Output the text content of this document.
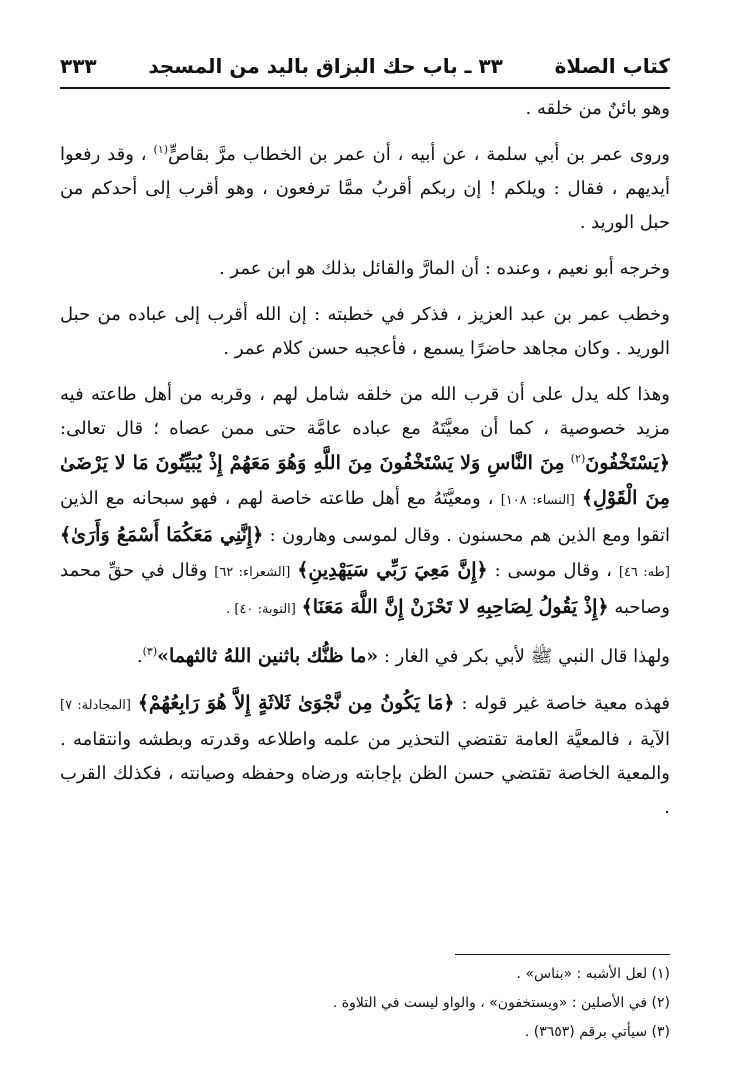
كتاب الصلاة
٣٣ ـ باب حك البزاق باليد من المسجد
٣٣٣

وهو بائنٌ من خلقه .

وروى عمر بن أبي سلمة ، عن أبيه ، أن عمر بن الخطاب مرَّ بقاصٍّ$^{(١)}$ ، وقد رفعوا أيديهم ، فقال : ويلكم ! إن ربكم أقربُ ممَّا ترفعون ، وهو أقرب إلى أحدكم من حبل الوريد .

وخرجه أبو نعيم ، وعنده : أن المارَّ والقائل بذلك هو ابن عمر .

وخطب عمر بن عبد العزيز ، فذكر في خطبته : إن الله أقرب إلى عباده من حبل الوريد . وكان مجاهد حاضرًا يسمع ، فأعجبه حسن كلام عمر .

وهذا كله يدل على أن قرب الله من خلقه شامل لهم ، وقربه من أهل طاعته فيه مزيد خصوصية ، كما أن معيَّتَهُ مع عباده عامَّة حتى ممن عصاه ؛ قال تعالى: ﴿يَسْتَخْفُونَ$^{(٢)}$ مِنَ النَّاسِ وَلا يَسْتَخْفُونَ مِنَ اللَّهِ وَهُوَ مَعَهُمْ إِذْ يُبَيِّتُونَ مَا لا يَرْضَىٰ مِنَ الْقَوْلِ﴾ [النساء: ١٠٨] ، ومعيَّتَهُ مع أهل طاعته خاصة لهم ، فهو سبحانه مع الذين اتقوا ومع الذين هم محسنون . وقال لموسى وهارون : ﴿إِنَّنِي مَعَكُمَا أَسْمَعُ وَأَرَىٰ﴾ [طه: ٤٦] ، وقال موسى : ﴿إِنَّ مَعِيَ رَبِّي سَيَهْدِينِ﴾ [الشعراء: ٦٢] وقال في حقِّ محمد وصاحبه ﴿إِذْ يَقُولُ لِصَاحِبِهِ لا تَحْزَنْ إِنَّ اللَّهَ مَعَنَا﴾ [التوبة: ٤٠] .

ولهذا قال النبي ﷺ لأبي بكر في الغار : «ما ظنُّك باثنين اللهُ ثالثهما»$^{(٣)}$.

فهذه معية خاصة غير قوله : ﴿مَا يَكُونُ مِن نَّجْوَىٰ ثَلاثَةٍ إِلاَّ هُوَ رَابِعُهُمْ﴾ [المجادلة: ٧] الآية ، فالمعيَّة العامة تقتضي التحذير من علمه واطلاعه وقدرته وبطشه وانتقامه . والمعية الخاصة تقتضي حسن الظن بإجابته ورضاه وحفظه وصيانته ، فكذلك القرب .

(١) لعل الأشبه : «بناس» .
(٢) في الأصلين : «ويستخفون» ، والواو ليست في التلاوة .
(٣) سيأتي برقم (٣٦٥٣) .
